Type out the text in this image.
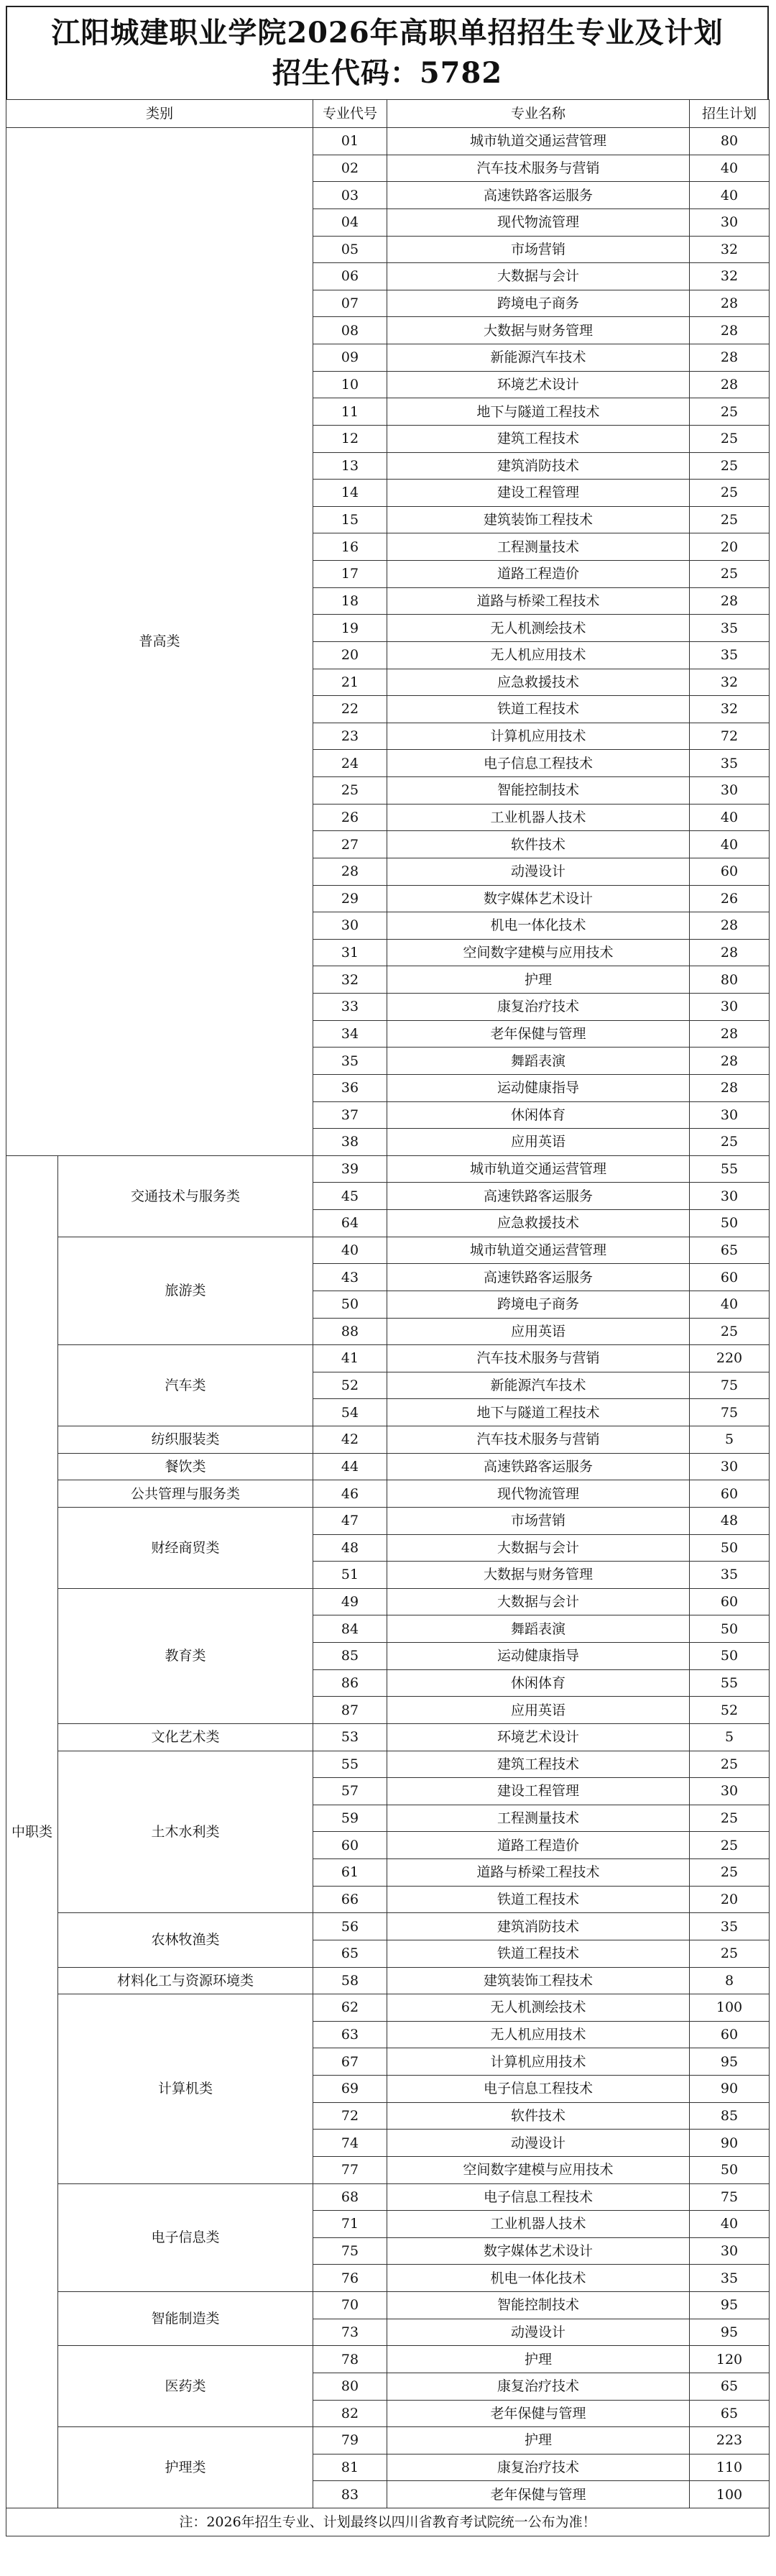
江阳城建职业学院2026年高职单招招生专业及计划
招生代码：5782
类别		专业代号	专业名称	招生计划
普高类		01	城市轨道交通运营管理	80
		02	汽车技术服务与营销	40
		03	高速铁路客运服务	40
		04	现代物流管理	30
		05	市场营销	32
		06	大数据与会计	32
		07	跨境电子商务	28
		08	大数据与财务管理	28
		09	新能源汽车技术	28
		10	环境艺术设计	28
		11	地下与隧道工程技术	25
		12	建筑工程技术	25
		13	建筑消防技术	25
		14	建设工程管理	25
		15	建筑装饰工程技术	25
		16	工程测量技术	20
		17	道路工程造价	25
		18	道路与桥梁工程技术	28
		19	无人机测绘技术	35
		20	无人机应用技术	35
		21	应急救援技术	32
		22	铁道工程技术	32
		23	计算机应用技术	72
		24	电子信息工程技术	35
		25	智能控制技术	30
		26	工业机器人技术	40
		27	软件技术	40
		28	动漫设计	60
		29	数字媒体艺术设计	26
		30	机电一体化技术	28
		31	空间数字建模与应用技术	28
		32	护理	80
		33	康复治疗技术	30
		34	老年保健与管理	28
		35	舞蹈表演	28
		36	运动健康指导	28
		37	休闲体育	30
		38	应用英语	25
中职类	交通技术与服务类	39	城市轨道交通运营管理	55
		45	高速铁路客运服务	30
		64	应急救援技术	50
	旅游类	40	城市轨道交通运营管理	65
		43	高速铁路客运服务	60
		50	跨境电子商务	40
		88	应用英语	25
	汽车类	41	汽车技术服务与营销	220
		52	新能源汽车技术	75
		54	地下与隧道工程技术	75
	纺织服装类	42	汽车技术服务与营销	5
	餐饮类	44	高速铁路客运服务	30
	公共管理与服务类	46	现代物流管理	60
	财经商贸类	47	市场营销	48
		48	大数据与会计	50
		51	大数据与财务管理	35
	教育类	49	大数据与会计	60
		84	舞蹈表演	50
		85	运动健康指导	50
		86	休闲体育	55
		87	应用英语	52
	文化艺术类	53	环境艺术设计	5
	土木水利类	55	建筑工程技术	25
		57	建设工程管理	30
		59	工程测量技术	25
		60	道路工程造价	25
		61	道路与桥梁工程技术	25
		66	铁道工程技术	20
	农林牧渔类	56	建筑消防技术	35
		65	铁道工程技术	25
	材料化工与资源环境类	58	建筑装饰工程技术	8
	计算机类	62	无人机测绘技术	100
		63	无人机应用技术	60
		67	计算机应用技术	95
		69	电子信息工程技术	90
		72	软件技术	85
		74	动漫设计	90
		77	空间数字建模与应用技术	50
	电子信息类	68	电子信息工程技术	75
		71	工业机器人技术	40
		75	数字媒体艺术设计	30
		76	机电一体化技术	35
	智能制造类	70	智能控制技术	95
		73	动漫设计	95
	医药类	78	护理	120
		80	康复治疗技术	65
		82	老年保健与管理	65
	护理类	79	护理	223
		81	康复治疗技术	110
		83	老年保健与管理	100
注：2026年招生专业、计划最终以四川省教育考试院统一公布为准！				
